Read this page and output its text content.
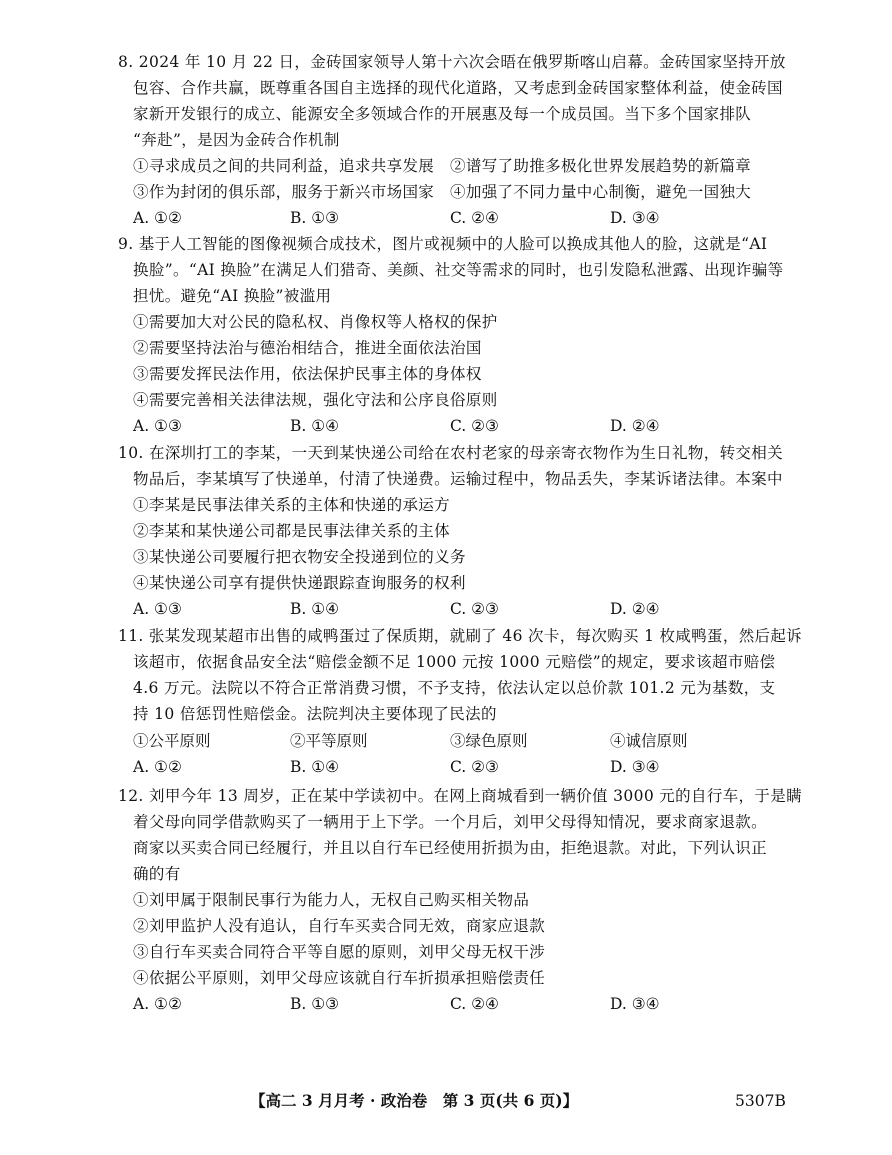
8. 2024 年 10 月 22 日，金砖国家领导人第十六次会晤在俄罗斯喀山启幕。金砖国家坚持开放
包容、合作共赢，既尊重各国自主选择的现代化道路，又考虑到金砖国家整体利益，使金砖国
家新开发银行的成立、能源安全多领域合作的开展惠及每一个成员国。当下多个国家排队
“奔赴”，是因为金砖合作机制
①寻求成员之间的共同利益，追求共享发展 ②谱写了助推多极化世界发展趋势的新篇章
③作为封闭的俱乐部，服务于新兴市场国家 ④加强了不同力量中心制衡，避免一国独大
A. ①②	B. ①③	C. ②④	D. ③④
9. 基于人工智能的图像视频合成技术，图片或视频中的人脸可以换成其他人的脸，这就是“AI
换脸”。“AI 换脸”在满足人们猎奇、美颜、社交等需求的同时，也引发隐私泄露、出现诈骗等
担忧。避免“AI 换脸”被滥用
①需要加大对公民的隐私权、肖像权等人格权的保护
②需要坚持法治与德治相结合，推进全面依法治国
③需要发挥民法作用，依法保护民事主体的身体权
④需要完善相关法律法规，强化守法和公序良俗原则
A. ①③	B. ①④	C. ②③	D. ②④
10. 在深圳打工的李某，一天到某快递公司给在农村老家的母亲寄衣物作为生日礼物，转交相关
物品后，李某填写了快递单，付清了快递费。运输过程中，物品丢失，李某诉诸法律。本案中
①李某是民事法律关系的主体和快递的承运方
②李某和某快递公司都是民事法律关系的主体
③某快递公司要履行把衣物安全投递到位的义务
④某快递公司享有提供快递跟踪查询服务的权利
A. ①③	B. ①④	C. ②③	D. ②④
11. 张某发现某超市出售的咸鸭蛋过了保质期，就刷了 46 次卡，每次购买 1 枚咸鸭蛋，然后起诉
该超市，依据食品安全法“赔偿金额不足 1000 元按 1000 元赔偿”的规定，要求该超市赔偿
4.6 万元。法院以不符合正常消费习惯，不予支持，依法认定以总价款 101.2 元为基数，支
持 10 倍惩罚性赔偿金。法院判决主要体现了民法的
①公平原则	②平等原则	③绿色原则	④诚信原则
A. ①②	B. ①④	C. ②③	D. ③④
12. 刘甲今年 13 周岁，正在某中学读初中。在网上商城看到一辆价值 3000 元的自行车，于是瞒
着父母向同学借款购买了一辆用于上下学。一个月后，刘甲父母得知情况，要求商家退款。
商家以买卖合同已经履行，并且以自行车已经使用折损为由，拒绝退款。对此，下列认识正
确的有
①刘甲属于限制民事行为能力人，无权自己购买相关物品
②刘甲监护人没有追认，自行车买卖合同无效，商家应退款
③自行车买卖合同符合平等自愿的原则，刘甲父母无权干涉
④依据公平原则，刘甲父母应该就自行车折损承担赔偿责任
A. ①②	B. ①③	C. ②④	D. ③④
【高二 3 月月考 · 政治卷　第 3 页(共 6 页)】	5307B
